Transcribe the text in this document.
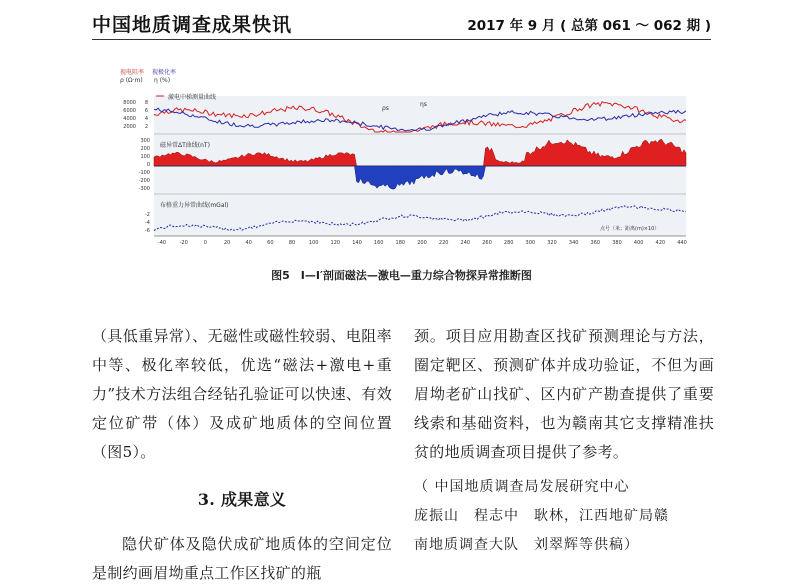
中国地质调查成果快讯	2017 年 9 月 ( 总第 061 ～ 062 期 )
视电阻率 视极化率
ρ (Ω·m) η (%)
激电中梯测量曲线
8000
6000
4000
2000
8
6
4
2
ρs
ηs
磁异常ΔT曲线(nT)
300
200
100
0
-100
-200
-300
布格重力异常曲线(mGal)
-2
-4
-6
-40	-20	0	20	40	60	80	100 120 140 160 180 200 220 240 260 280 300 320 340 360 380 400 420 440
点号（米；距离(m)×10）
图5　Ⅰ—Ⅰ′剖面磁法—激电—重力综合物探异常推断图

（具低重异常）、无磁性或磁性较弱、电阻率中等、极化率较低，优选“磁法+激电+重力”技术方法组合经钻孔验证可以快速、有效定位矿带（体）及成矿地质体的空间位置（图5）。

3. 成果意义

隐伏矿体及隐伏成矿地质体的空间定位是制约画眉坳重点工作区找矿的瓶

颈。项目应用勘查区找矿预测理论与方法，圈定靶区、预测矿体并成功验证，不但为画眉坳老矿山找矿、区内矿产勘查提供了重要线索和基础资料，也为赣南其它支撑精准扶贫的地质调查项目提供了参考。

（ 中国地质调查局发展研究中心

庞振山　程志中　耿林，江西地矿局赣

南地质调查大队　刘翠辉等供稿）
